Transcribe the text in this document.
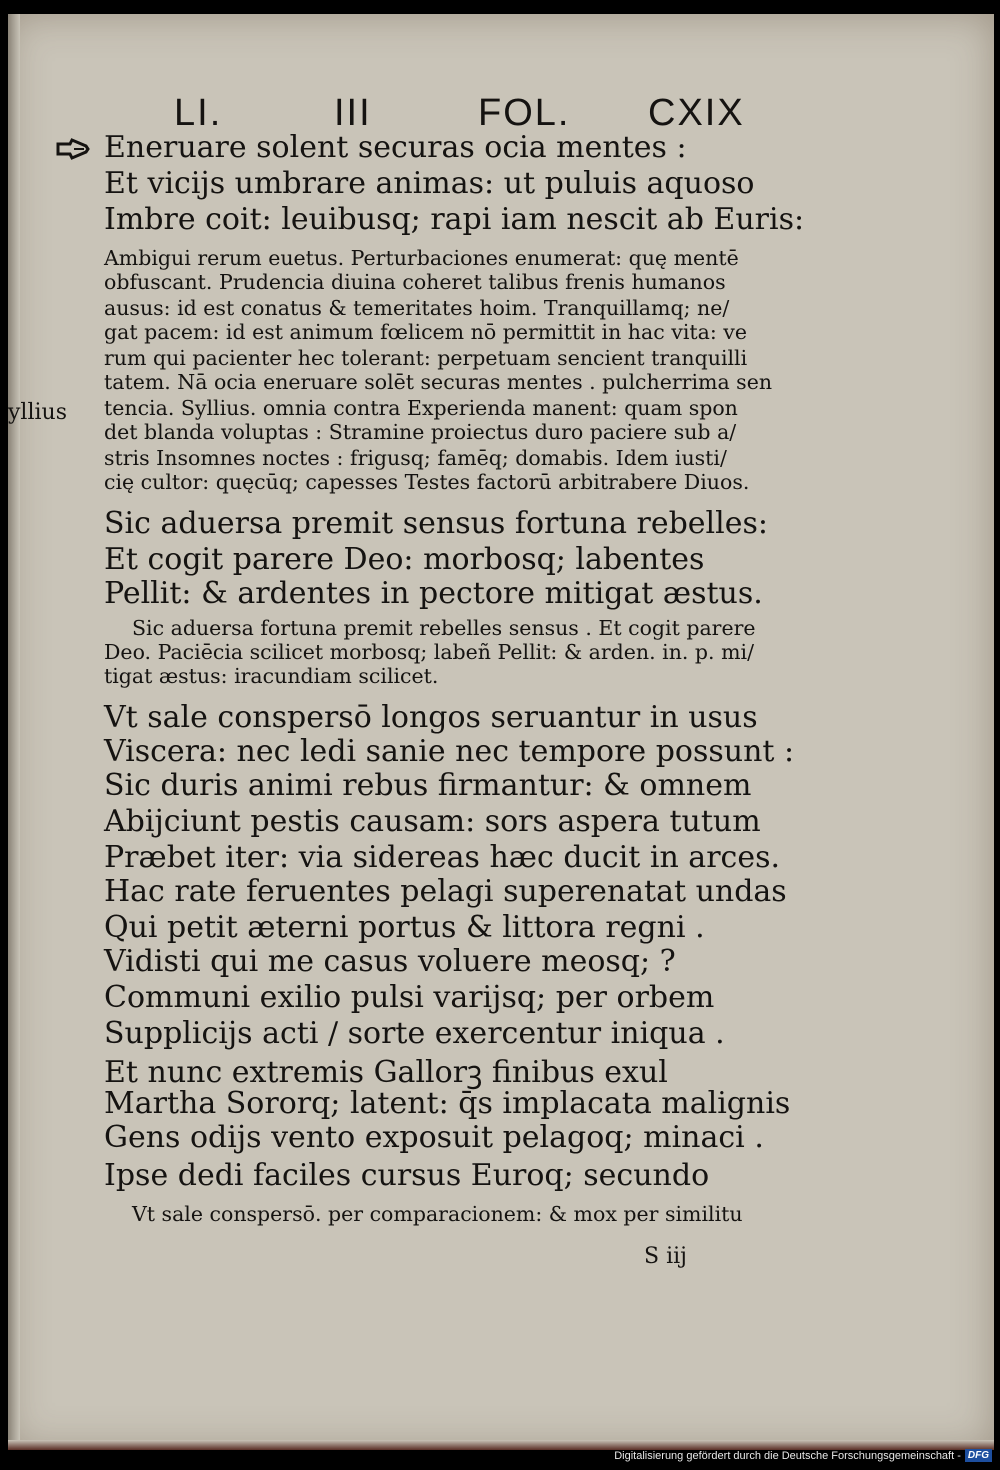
LI.	III	FOL. CXIX
yllius
Eneruare solent securas ocia mentes :
Et vicijs umbrare animas: ut puluis aquoso
Imbre coit: leuibusq; rapi iam nescit ab Euris:
Ambigui rerum euetus. Perturbaciones enumerat: quę mentē
obfuscant. Prudencia diuina coheret talibus frenis humanos
ausus: id est conatus & temeritates hoim. Tranquillamq; ne/
gat pacem: id est animum fœlicem nō permittit in hac vita: ve
rum qui pacienter hec tolerant: perpetuam sencient tranquilli
tatem. Nā ocia eneruare solēt securas mentes . pulcherrima sen
tencia. Syllius. omnia contra Experienda manent: quam spon
det blanda voluptas : Stramine proiectus duro paciere sub a/
stris Insomnes noctes : frigusq; famēq; domabis. Idem iusti/
cię cultor: quęcūq; capesses Testes factorū arbitrabere Diuos.
Sic aduersa premit sensus fortuna rebelles:
Et cogit parere Deo: morbosq; labentes
Pellit: & ardentes in pectore mitigat æstus.
Sic aduersa fortuna premit rebelles sensus . Et cogit parere
Deo. Paciēcia scilicet morbosq; labeñ Pellit: & arden. in. p. mi/
tigat æstus: iracundiam scilicet.
Vt sale conspersō longos seruantur in usus
Viscera: nec ledi sanie nec tempore possunt :
Sic duris animi rebus firmantur: & omnem
Abijciunt pestis causam: sors aspera tutum
Præbet iter: via sidereas hæc ducit in arces.
Hac rate feruentes pelagi superenatat undas
Qui petit æterni portus & littora regni .
Vidisti qui me casus voluere meosq; ?
Communi exilio pulsi varijsq; per orbem
Supplicijs acti / sorte exercentur iniqua .
Et nunc extremis Gallorꝫ finibus exul
Martha Sororq; latent: q̄s implacata malignis
Gens odijs vento exposuit pelagoq; minaci .
Ipse dedi faciles cursus Euroq; secundo
Vt sale conspersō. per comparacionem: & mox per similitu
S iij
Digitalisierung gefördert durch die Deutsche Forschungsgemeinschaft - DFG
